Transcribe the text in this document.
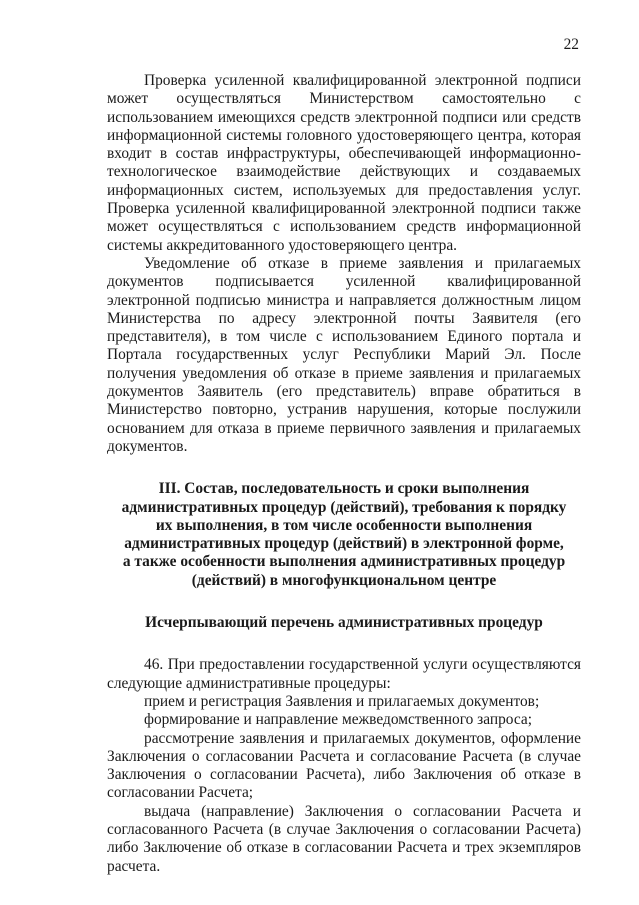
22

Проверка усиленной квалифицированной электронной подписи может осуществляться Министерством самостоятельно с использованием имеющихся средств электронной подписи или средств информационной системы головного удостоверяющего центра, которая входит в состав инфраструктуры, обеспечивающей информационно-технологическое взаимодействие действующих и создаваемых информационных систем, используемых для предоставления услуг. Проверка усиленной квалифицированной электронной подписи также может осуществляться с использованием средств информационной системы аккредитованного удостоверяющего центра.

Уведомление об отказе в приеме заявления и прилагаемых документов подписывается усиленной квалифицированной электронной подписью министра и направляется должностным лицом Министерства по адресу электронной почты Заявителя (его представителя), в том числе с использованием Единого портала и Портала государственных услуг Республики Марий Эл. После получения уведомления об отказе в приеме заявления и прилагаемых документов Заявитель (его представитель) вправе обратиться в Министерство повторно, устранив нарушения, которые послужили основанием для отказа в приеме первичного заявления и прилагаемых документов.

III. Состав, последовательность и сроки выполнения административных процедур (действий), требования к порядку их выполнения, в том числе особенности выполнения административных процедур (действий) в электронной форме, а также особенности выполнения административных процедур (действий) в многофункциональном центре

Исчерпывающий перечень административных процедур

46. При предоставлении государственной услуги осуществляются следующие административные процедуры:

прием и регистрация Заявления и прилагаемых документов;

формирование и направление межведомственного запроса;

рассмотрение заявления и прилагаемых документов, оформление Заключения о согласовании Расчета и согласование Расчета (в случае Заключения о согласовании Расчета), либо Заключения об отказе в согласовании Расчета;

выдача (направление) Заключения о согласовании Расчета и согласованного Расчета (в случае Заключения о согласовании Расчета) либо Заключение об отказе в согласовании Расчета и трех экземпляров расчета.
